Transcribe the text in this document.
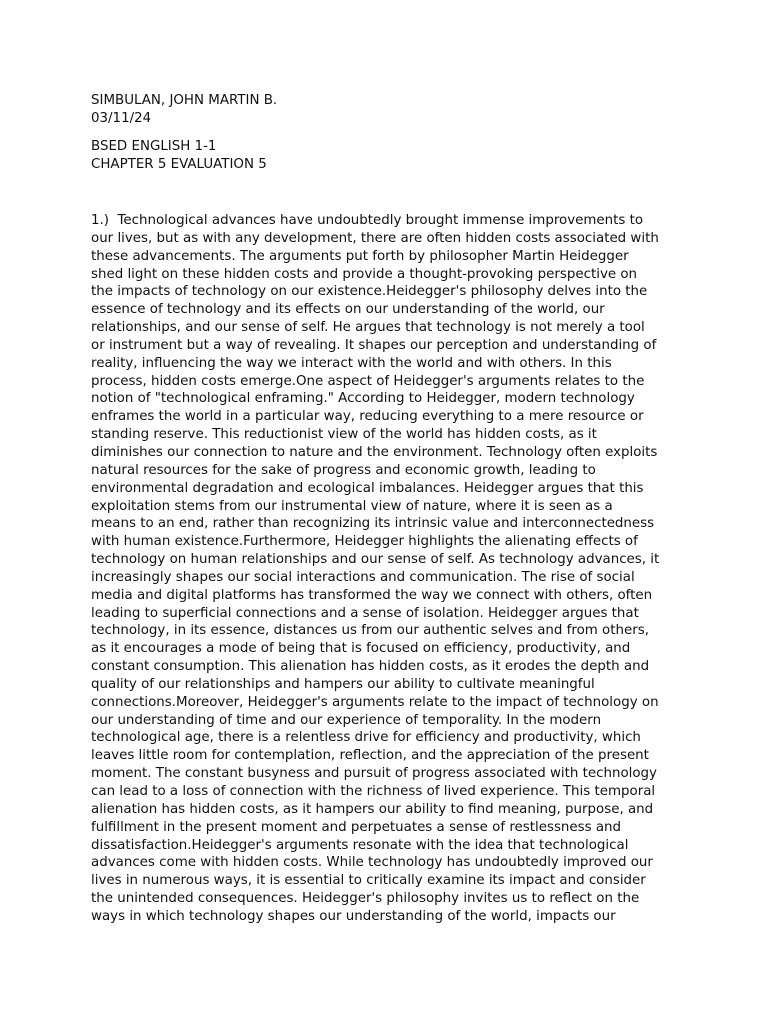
SIMBULAN, JOHN MARTIN B.

03/11/24

BSED ENGLISH 1-1

CHAPTER 5 EVALUATION 5

1.)  Technological advances have undoubtedly brought immense improvements to

our lives, but as with any development, there are often hidden costs associated with

these advancements. The arguments put forth by philosopher Martin Heidegger

shed light on these hidden costs and provide a thought-provoking perspective on

the impacts of technology on our existence.Heidegger's philosophy delves into the

essence of technology and its effects on our understanding of the world, our

relationships, and our sense of self. He argues that technology is not merely a tool

or instrument but a way of revealing. It shapes our perception and understanding of

reality, influencing the way we interact with the world and with others. In this

process, hidden costs emerge.One aspect of Heidegger's arguments relates to the

notion of "technological enframing." According to Heidegger, modern technology

enframes the world in a particular way, reducing everything to a mere resource or

standing reserve. This reductionist view of the world has hidden costs, as it

diminishes our connection to nature and the environment. Technology often exploits

natural resources for the sake of progress and economic growth, leading to

environmental degradation and ecological imbalances. Heidegger argues that this

exploitation stems from our instrumental view of nature, where it is seen as a

means to an end, rather than recognizing its intrinsic value and interconnectedness

with human existence.Furthermore, Heidegger highlights the alienating effects of

technology on human relationships and our sense of self. As technology advances, it

increasingly shapes our social interactions and communication. The rise of social

media and digital platforms has transformed the way we connect with others, often

leading to superficial connections and a sense of isolation. Heidegger argues that

technology, in its essence, distances us from our authentic selves and from others,

as it encourages a mode of being that is focused on efficiency, productivity, and

constant consumption. This alienation has hidden costs, as it erodes the depth and

quality of our relationships and hampers our ability to cultivate meaningful

connections.Moreover, Heidegger's arguments relate to the impact of technology on

our understanding of time and our experience of temporality. In the modern

technological age, there is a relentless drive for efficiency and productivity, which

leaves little room for contemplation, reflection, and the appreciation of the present

moment. The constant busyness and pursuit of progress associated with technology

can lead to a loss of connection with the richness of lived experience. This temporal

alienation has hidden costs, as it hampers our ability to find meaning, purpose, and

fulfillment in the present moment and perpetuates a sense of restlessness and

dissatisfaction.Heidegger's arguments resonate with the idea that technological

advances come with hidden costs. While technology has undoubtedly improved our

lives in numerous ways, it is essential to critically examine its impact and consider

the unintended consequences. Heidegger's philosophy invites us to reflect on the

ways in which technology shapes our understanding of the world, impacts our
